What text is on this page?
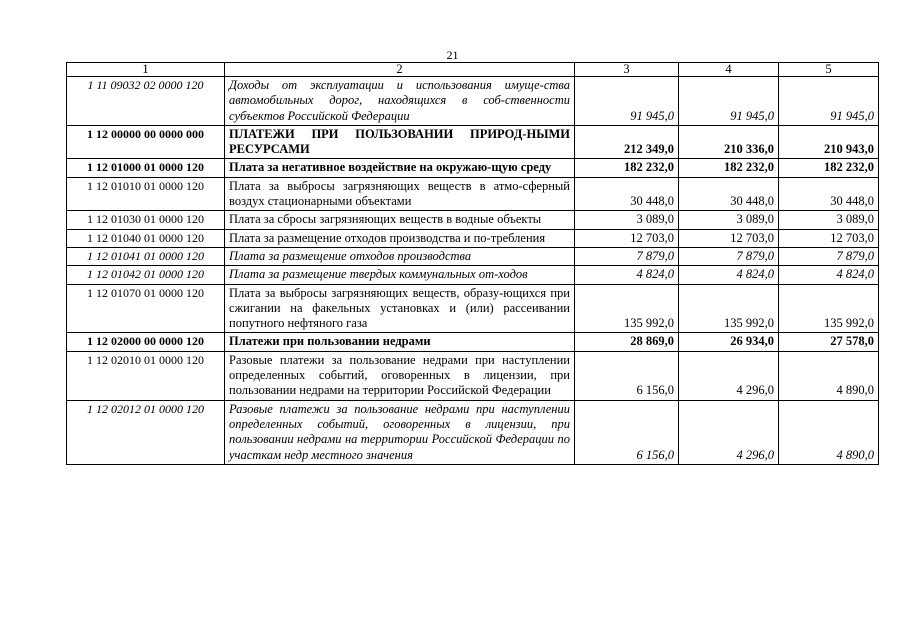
21
1	2	3	4	5
1 11 09032 02 0000 120	Доходы от эксплуатации и использования имуще-ства автомобильных дорог, находящихся в соб-ственности субъектов Российской Федерации	91 945,0	91 945,0	91 945,0
1 12 00000 00 0000 000	ПЛАТЕЖИ ПРИ ПОЛЬЗОВАНИИ ПРИРОД-НЫМИ РЕСУРСАМИ	212 349,0	210 336,0	210 943,0
1 12 01000 01 0000 120	Плата за негативное воздействие на окружаю-щую среду	182 232,0	182 232,0	182 232,0
1 12 01010 01 0000 120	Плата за выбросы загрязняющих веществ в атмо-сферный воздух стационарными объектами	30 448,0	30 448,0	30 448,0
1 12 01030 01 0000 120	Плата за сбросы загрязняющих веществ в водные объекты	3 089,0	3 089,0	3 089,0
1 12 01040 01 0000 120	Плата за размещение отходов производства и по-требления	12 703,0	12 703,0	12 703,0
1 12 01041 01 0000 120	Плата за размещение отходов производства	7 879,0	7 879,0	7 879,0
1 12 01042 01 0000 120	Плата за размещение твердых коммунальных от-ходов	4 824,0	4 824,0	4 824,0
1 12 01070 01 0000 120	Плата за выбросы загрязняющих веществ, образу-ющихся при сжигании на факельных установках и (или) рассеивании попутного нефтяного газа	135 992,0	135 992,0	135 992,0
1 12 02000 00 0000 120	Платежи при пользовании недрами	28 869,0	26 934,0	27 578,0
1 12 02010 01 0000 120	Разовые платежи за пользование недрами при наступлении определенных событий, оговоренных в лицензии, при пользовании недрами на территории Российской Федерации	6 156,0	4 296,0	4 890,0
1 12 02012 01 0000 120	Разовые платежи за пользование недрами при наступлении определенных событий, оговоренных в лицензии, при пользовании недрами на территории Российской Федерации по участкам недр местного значения	6 156,0	4 296,0	4 890,0
